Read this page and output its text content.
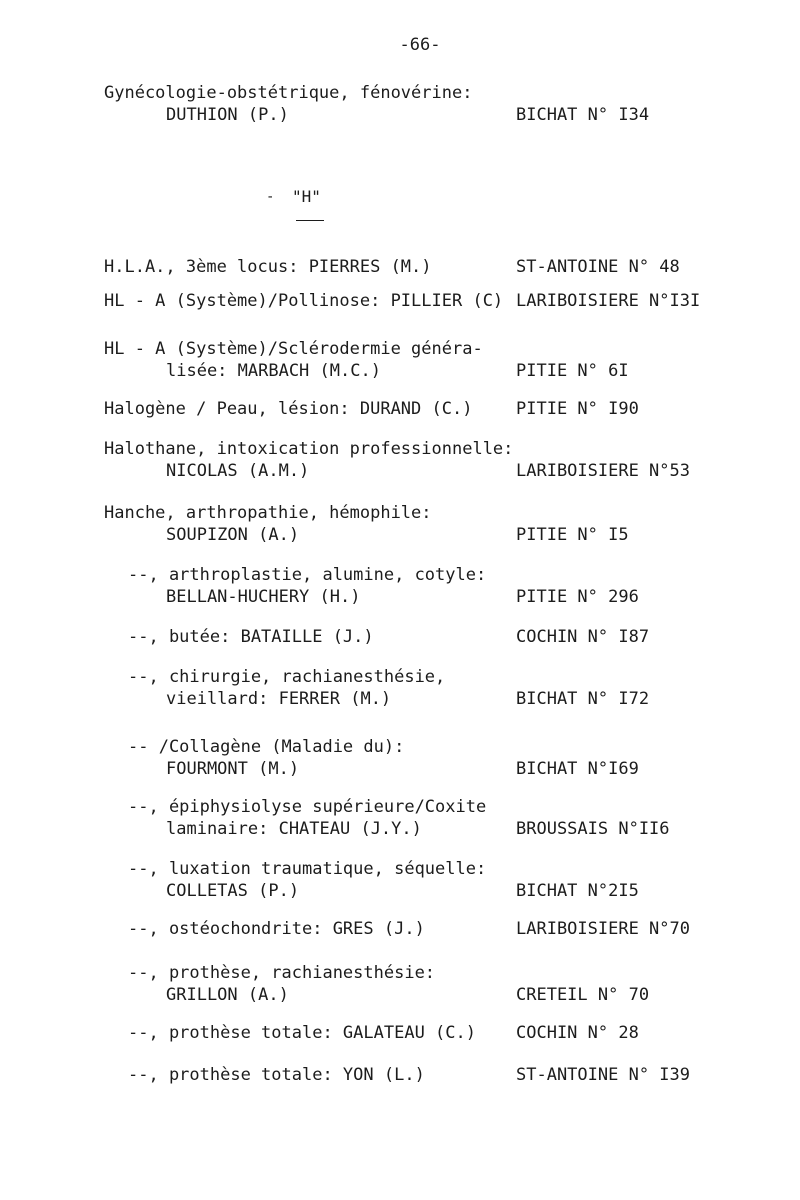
-66-
- "H"
Gynécologie-obstétrique, fénovérine:
DUTHION (P.)	BICHAT N° I34
H.L.A., 3ème locus: PIERRES (M.)	ST-ANTOINE N° 48
HL - A (Système)/Pollinose: PILLIER (C) LARIBOISIERE N°I3I
HL - A (Système)/Sclérodermie généra-
lisée: MARBACH (M.C.)	PITIE N° 6I
Halogène / Peau, lésion: DURAND (C.)	PITIE N° I90
Halothane, intoxication professionnelle:
NICOLAS (A.M.)	LARIBOISIERE N°53
Hanche, arthropathie, hémophile:
SOUPIZON (A.)	PITIE N° I5
--, arthroplastie, alumine, cotyle:
BELLAN-HUCHERY (H.)	PITIE N° 296
--, butée: BATAILLE (J.)	COCHIN N° I87
--, chirurgie, rachianesthésie,
vieillard: FERRER (M.)	BICHAT N° I72
-- /Collagène (Maladie du):
FOURMONT (M.)	BICHAT N°I69
--, épiphysiolyse supérieure/Coxite
laminaire: CHATEAU (J.Y.)	BROUSSAIS N°II6
--, luxation traumatique, séquelle:
COLLETAS (P.)	BICHAT N°2I5
--, ostéochondrite: GRES (J.)	LARIBOISIERE N°70
--, prothèse, rachianesthésie:
GRILLON (A.)	CRETEIL N° 70
--, prothèse totale: GALATEAU (C.) COCHIN N° 28
--, prothèse totale: YON (L.)	ST-ANTOINE N° I39
